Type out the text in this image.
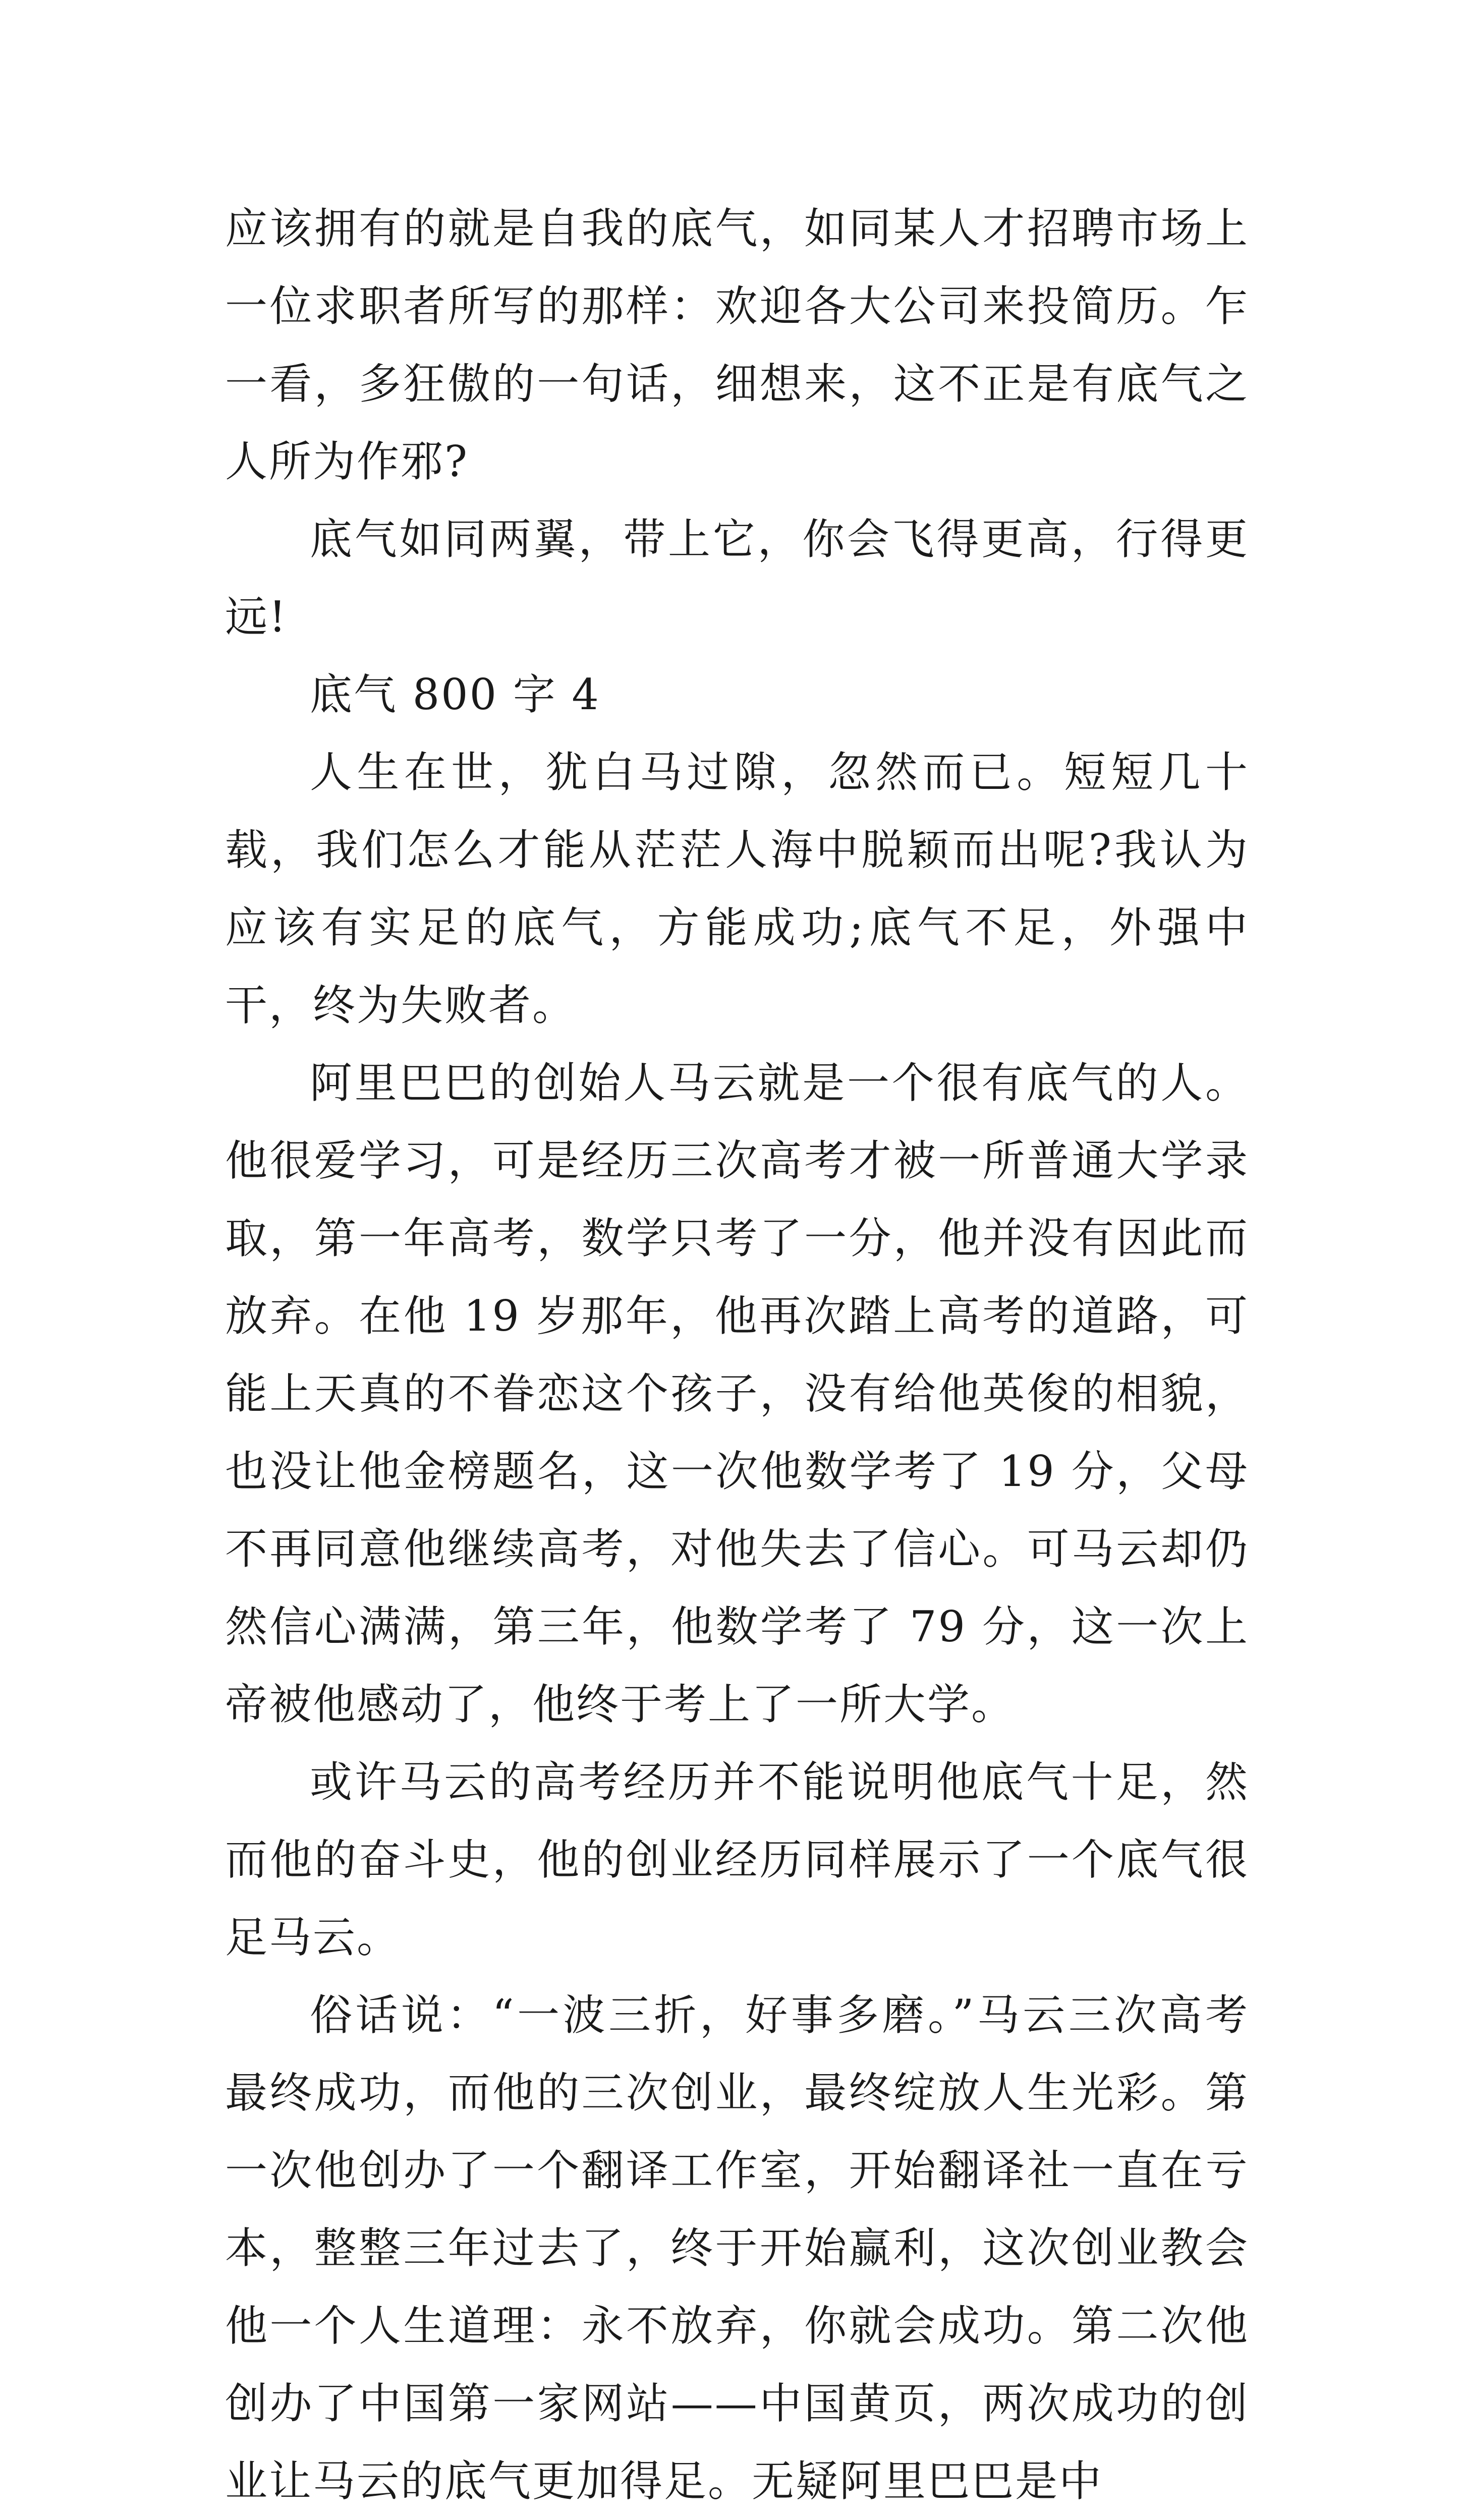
应该拥有的就是自我的底气，如同某人才招聘市场上一位求职者所写的那样：欢迎各大公司来投简历。乍一看，多狂傲的一句话，细想来，这不正是有底气之人所为作邪?

底气如同两翼，带上它，你会飞得更高，行得更远!

底气 800 字 4

人生在世，犹白马过隙，忽然而已。短短几十载，我们怎么才能从茫茫人海中脱颖而出呢?我认为应该有实足的底气，方能成功;底气不足，外强中干，终为失败者。

阿里巴巴的创始人马云就是一个很有底气的人。他很爱学习，可是经历三次高考才被一所普通大学录取，第一年高考，数学只考了一分，他并没有因此而放弃。在他 19 岁那年，他再次踏上高考的道路，可能上天真的不眷恋这个孩子，没有给他英俊的相貌，也没让他金榜题名，这一次他数学考了 19 分，父母不再同意他继续高考，对他失去了信心。可马云却仍然信心满满，第三年，他数学考了 79 分，这一次上帝被他感动了，他终于考上了一所大学。

或许马云的高考经历并不能说明他底气十足，然而他的奋斗史，他的创业经历同样展示了一个底气很足马云。

俗话说：“一波三折，好事多磨。”马云三次高考最终成功，而他的三次创业，最终绽放人生光彩。第一次他创办了一个翻译工作室，开始翻译社一直在亏本，整整三年过去了，终于开始赢利，这次创业教会他一个人生道理：永不放弃，你就会成功。第二次他创办了中国第一家网站——中国黄页，两次成功的创业让马云的底气更加得足。无疑阿里巴巴是中
